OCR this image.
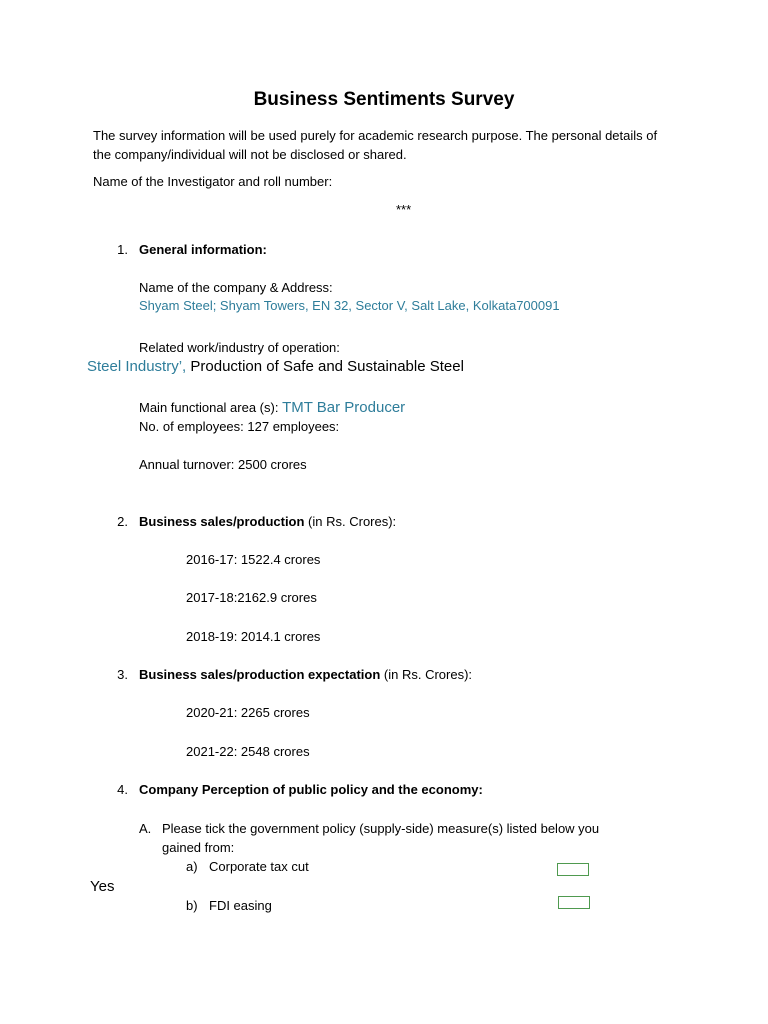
Business Sentiments Survey
The survey information will be used purely for academic research purpose. The personal details of the company/individual will not be disclosed or shared.
Name of the Investigator and roll number:
***
1. General information:
Name of the company & Address:
Shyam Steel; Shyam Towers, EN 32, Sector V, Salt Lake, Kolkata700091
Related work/industry of operation:
Steel Industry’, Production of Safe and Sustainable Steel
Main functional area (s): TMT Bar Producer
No. of employees: 127 employees:
Annual turnover: 2500 crores
2. Business sales/production (in Rs. Crores):
2016-17: 1522.4 crores
2017-18:2162.9 crores
2018-19: 2014.1 crores
3. Business sales/production expectation (in Rs. Crores):
2020-21: 2265 crores
2021-22: 2548 crores
4. Company Perception of public policy and the economy:
A. Please tick the government policy (supply-side) measure(s) listed below you
gained from:
a) Corporate tax cut
Yes
b) FDI easing
